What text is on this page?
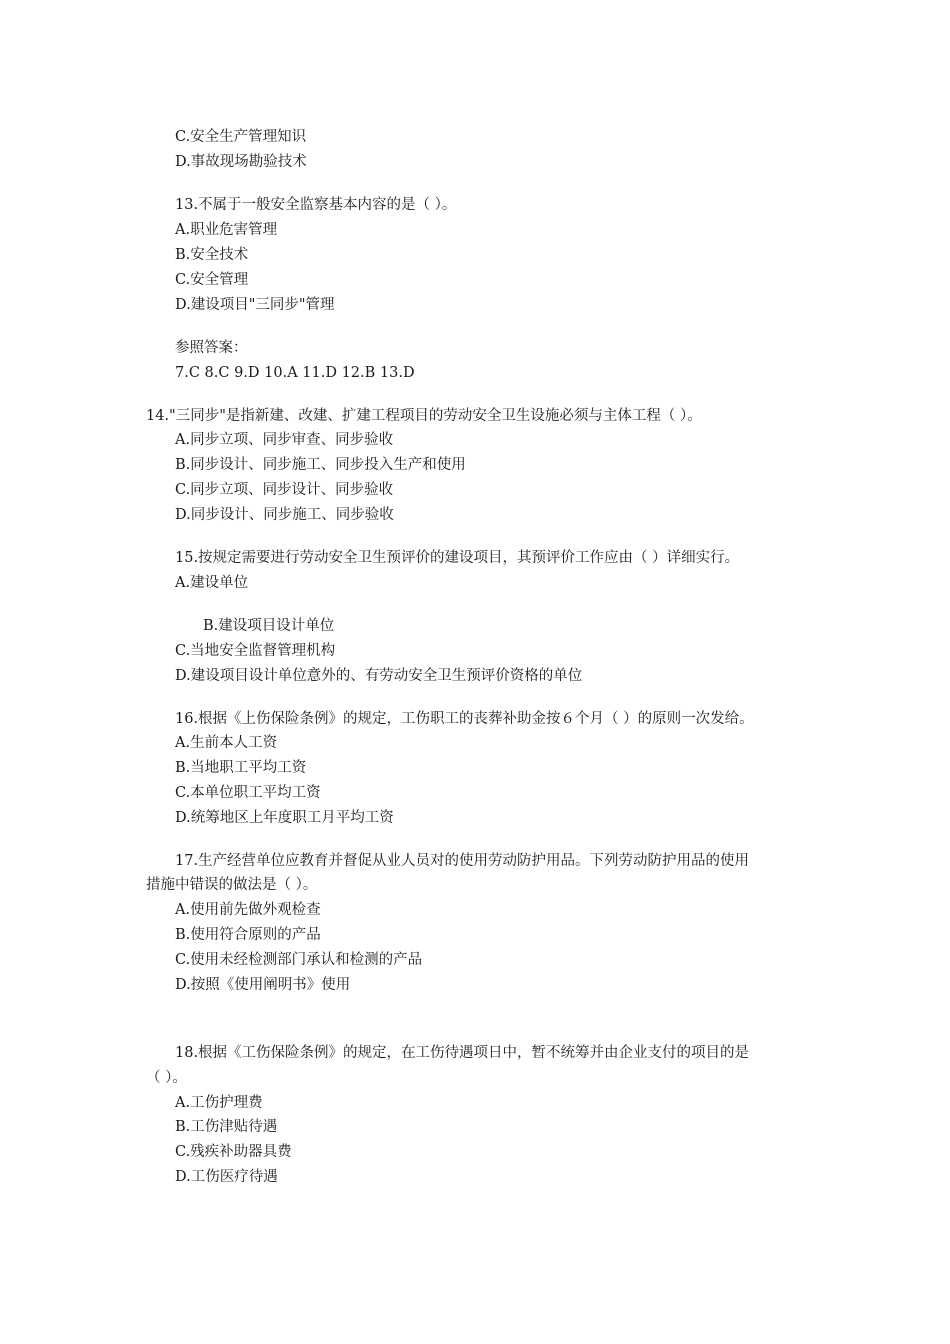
C.安全生产管理知识
D.事故现场勘验技术
13.不属于一般安全监察基本内容的是（ ）。
A.职业危害管理
B.安全技术
C.安全管理
D.建设项目"三同步"管理
参照答案：
7.C 8.C 9.D 10.A 11.D 12.B 13.D
14."三同步"是指新建、改建、扩建工程项目的劳动安全卫生设施必须与主体工程（ ）。
A.同步立项、同步审查、同步验收
B.同步设计、同步施工、同步投入生产和使用
C.同步立项、同步设计、同步验收
D.同步设计、同步施工、同步验收
15.按规定需要进行劳动安全卫生预评价的建设项目，其预评价工作应由（ ）详细实行。
A.建设单位
B.建设项目设计单位
C.当地安全监督管理机构
D.建设项目设计单位意外的、有劳动安全卫生预评价资格的单位
16.根据《上伤保险条例》的规定，工伤职工的丧葬补助金按６个月（ ）的原则一次发给。
A.生前本人工资
B.当地职工平均工资
C.本单位职工平均工资
D.统筹地区上年度职工月平均工资
17.生产经营单位应教育并督促从业人员对的使用劳动防护用品。下列劳动防护用品的使用
措施中错误的做法是（ ）。
A.使用前先做外观检查
B.使用符合原则的产品
C.使用未经检测部门承认和检测的产品
D.按照《使用阐明书》使用
18.根据《工伤保险条例》的规定，在工伤待遇项日中，暂不统筹并由企业支付的项目的是
（ ）。
A.工伤护理费
B.工伤津贴待遇
C.残疾补助器具费
D.工伤医疗待遇
